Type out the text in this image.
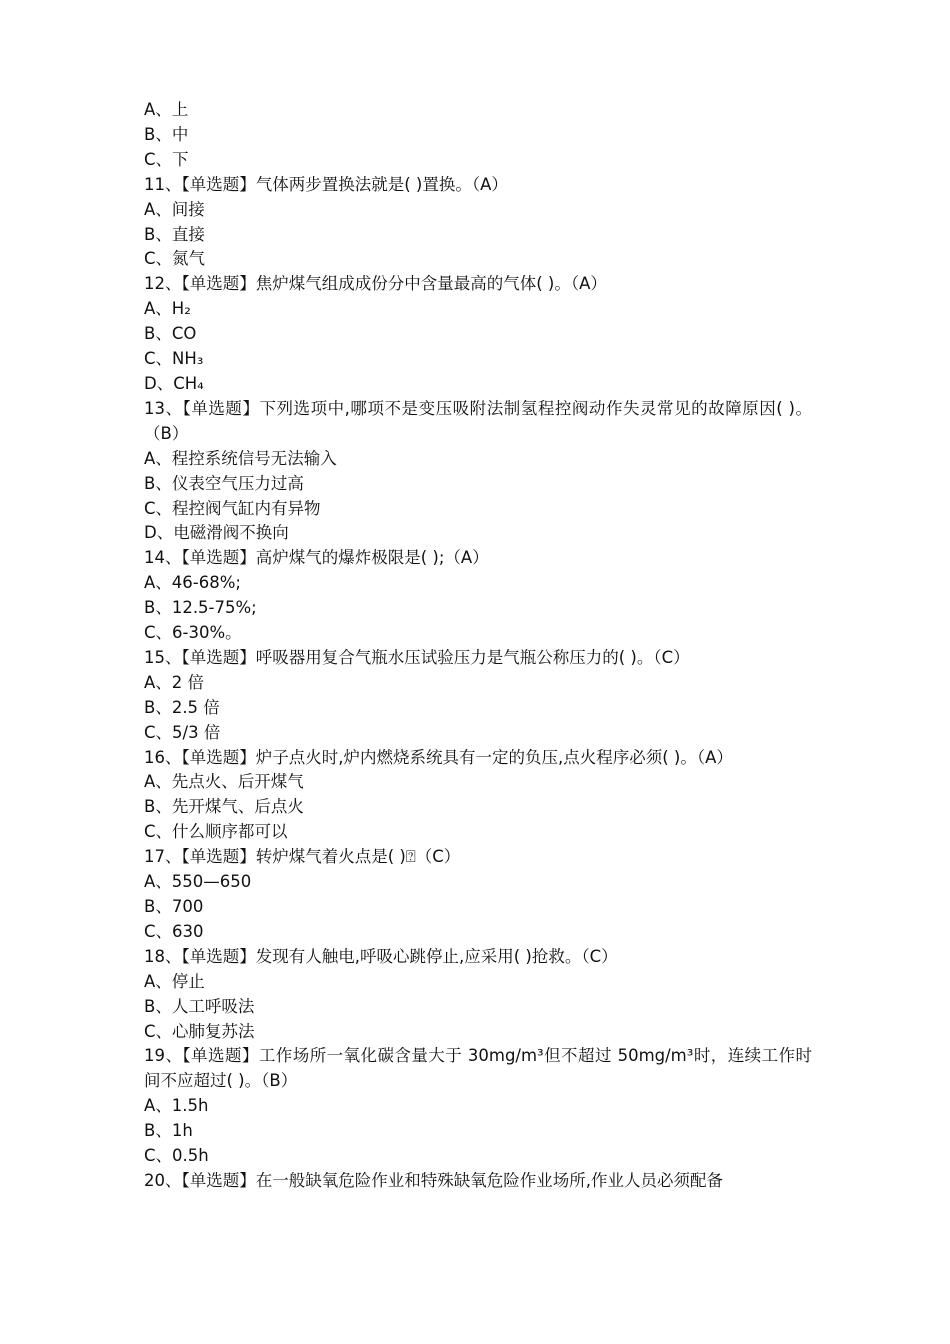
A、上

B、中

C、下

11、【单选题】气体两步置换法就是( )置换。（A）

A、间接

B、直接

C、氮气

12、【单选题】焦炉煤气组成成份分中含量最高的气体( )。（A）

A、H₂

B、CO

C、NH₃

D、CH₄

13、【单选题】下列选项中,哪项不是变压吸附法制氢程控阀动作失灵常见的故障原因( )。（B）

A、程控系统信号无法输入

B、仪表空气压力过高

C、程控阀气缸内有异物

D、电磁滑阀不换向

14、【单选题】高炉煤气的爆炸极限是( );（A）

A、46-68%;

B、12.5-75%;

C、6-30%。

15、【单选题】呼吸器用复合气瓶水压试验压力是气瓶公称压力的( )。（C）

A、2 倍

B、2.5 倍

C、5/3 倍

16、【单选题】炉子点火时,炉内燃烧系统具有一定的负压,点火程序必须( )。（A）

A、先点火、后开煤气

B、先开煤气、后点火

C、什么顺序都可以

17、【单选题】转炉煤气着火点是( )⍰（C）

A、550—650

B、700

C、630

18、【单选题】发现有人触电,呼吸心跳停止,应采用( )抢救。（C）

A、停止

B、人工呼吸法

C、心肺复苏法

19、【单选题】工作场所一氧化碳含量大于 30mg/m³但不超过 50mg/m³时，连续工作时间不应超过( )。（B）

A、1.5h

B、1h

C、0.5h

20、【单选题】在一般缺氧危险作业和特殊缺氧危险作业场所,作业人员必须配备
